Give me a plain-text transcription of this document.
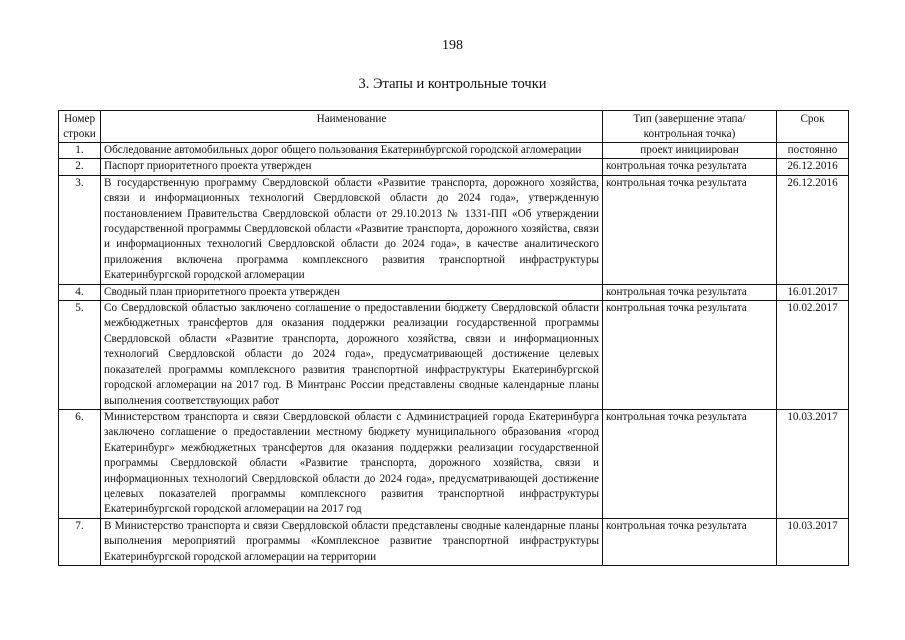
198
3. Этапы и контрольные точки
Номер строки	Наименование	Тип (завершение этапа/контрольная точка)	Срок
1.	Обследование автомобильных дорог общего пользования Екатеринбургской городской агломерации	проект инициирован	постоянно
2.	Паспорт приоритетного проекта утвержден	контрольная точка результата	26.12.2016
3.	В государственную программу Свердловской области «Развитие транспорта, дорожного хозяйства, связи и информационных технологий Свердловской области до 2024 года», утвержденную постановлением Правительства Свердловской области от 29.10.2013 № 1331-ПП «Об утверждении государственной программы Свердловской области «Развитие транспорта, дорожного хозяйства, связи и информационных технологий Свердловской области до 2024 года», в качестве аналитического приложения включена программа комплексного развития транспортной инфраструктуры Екатеринбургской городской агломерации	контрольная точка результата	26.12.2016
4.	Сводный план приоритетного проекта утвержден	контрольная точка результата	16.01.2017
5.	Со Свердловской областью заключено соглашение о предоставлении бюджету Свердловской области межбюджетных трансфертов для оказания поддержки реализации государственной программы Свердловской области «Развитие транспорта, дорожного хозяйства, связи и информационных технологий Свердловской области до 2024 года», предусматривающей достижение целевых показателей программы комплексного развития транспортной инфраструктуры Екатеринбургской городской агломерации на 2017 год. В Минтранс России представлены сводные календарные планы выполнения соответствующих работ	контрольная точка результата	10.02.2017
6.	Министерством транспорта и связи Свердловской области с Администрацией города Екатеринбурга заключено соглашение о предоставлении местному бюджету муниципального образования «город Екатеринбург» межбюджетных трансфертов для оказания поддержки реализации государственной программы Свердловской области «Развитие транспорта, дорожного хозяйства, связи и информационных технологий Свердловской области до 2024 года», предусматривающей достижение целевых показателей программы комплексного развития транспортной инфраструктуры Екатеринбургской городской агломерации на 2017 год	контрольная точка результата	10.03.2017
7.	В Министерство транспорта и связи Свердловской области представлены сводные календарные планы выполнения мероприятий программы «Комплексное развитие транспортной инфраструктуры Екатеринбургской городской агломерации на территории	контрольная точка результата	10.03.2017
